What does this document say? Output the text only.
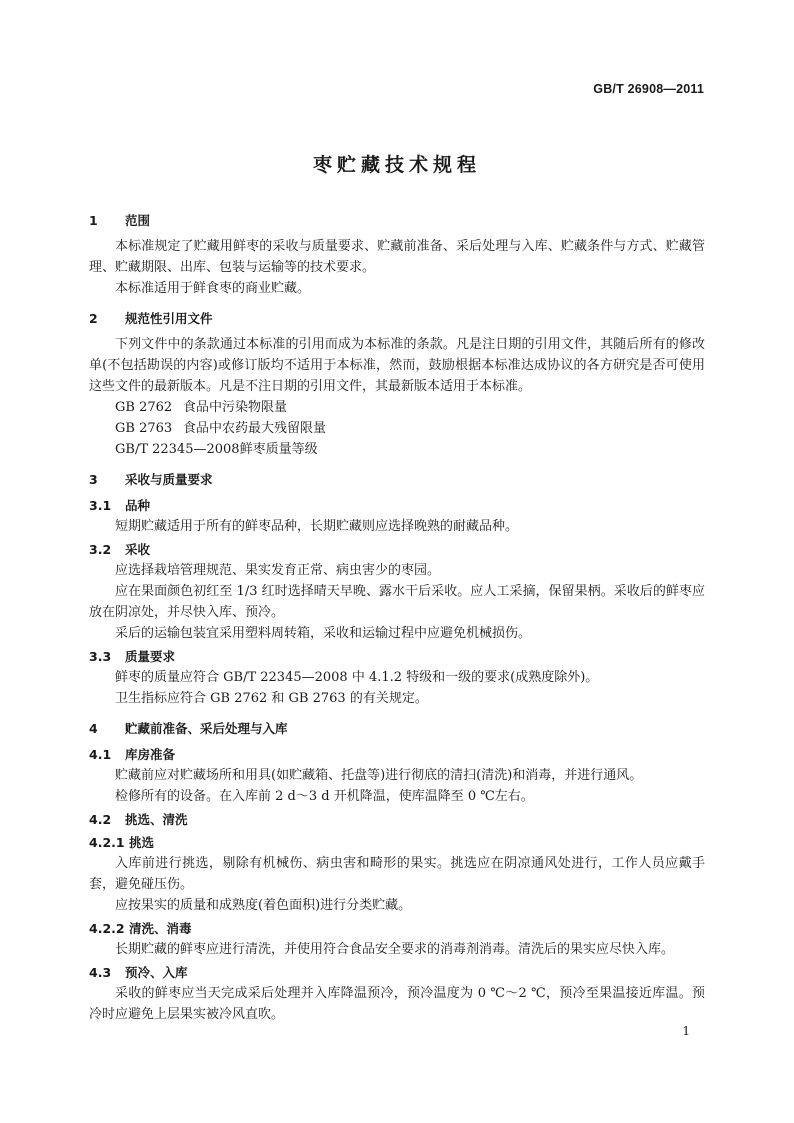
GB/T 26908—2011
枣贮藏技术规程
1 范围

本标准规定了贮藏用鲜枣的采收与质量要求、贮藏前准备、采后处理与入库、贮藏条件与方式、贮藏管理、贮藏期限、出库、包装与运输等的技术要求。

本标准适用于鲜食枣的商业贮藏。

2 规范性引用文件

下列文件中的条款通过本标准的引用而成为本标准的条款。凡是注日期的引用文件，其随后所有的修改单(不包括勘误的内容)或修订版均不适用于本标准，然而，鼓励根据本标准达成协议的各方研究是否可使用这些文件的最新版本。凡是不注日期的引用文件，其最新版本适用于本标准。

GB 2762 食品中污染物限量

GB 2763 食品中农药最大残留限量

GB/T 22345—2008鲜枣质量等级

3 采收与质量要求
3.1 品种

短期贮藏适用于所有的鲜枣品种，长期贮藏则应选择晚熟的耐藏品种。

3.2 采收

应选择栽培管理规范、果实发育正常、病虫害少的枣园。

应在果面颜色初红至 1/3 红时选择晴天早晚、露水干后采收。应人工采摘，保留果柄。采收后的鲜枣应放在阴凉处，并尽快入库、预冷。

采后的运输包装宜采用塑料周转箱，采收和运输过程中应避免机械损伤。

3.3 质量要求

鲜枣的质量应符合 GB/T 22345—2008 中 4.1.2 特级和一级的要求(成熟度除外)。

卫生指标应符合 GB 2762 和 GB 2763 的有关规定。

4 贮藏前准备、采后处理与入库
4.1 库房准备

贮藏前应对贮藏场所和用具(如贮藏箱、托盘等)进行彻底的清扫(清洗)和消毒，并进行通风。

检修所有的设备。在入库前 2 d～3 d 开机降温，使库温降至 0 ℃左右。

4.2 挑选、清洗
4.2.1 挑选

入库前进行挑选，剔除有机械伤、病虫害和畸形的果实。挑选应在阴凉通风处进行，工作人员应戴手套，避免碰压伤。

应按果实的质量和成熟度(着色面积)进行分类贮藏。

4.2.2 清洗、消毒

长期贮藏的鲜枣应进行清洗，并使用符合食品安全要求的消毒剂消毒。清洗后的果实应尽快入库。

4.3 预冷、入库

采收的鲜枣应当天完成采后处理并入库降温预冷，预冷温度为 0 ℃～2 ℃，预冷至果温接近库温。预冷时应避免上层果实被冷风直吹。

1
